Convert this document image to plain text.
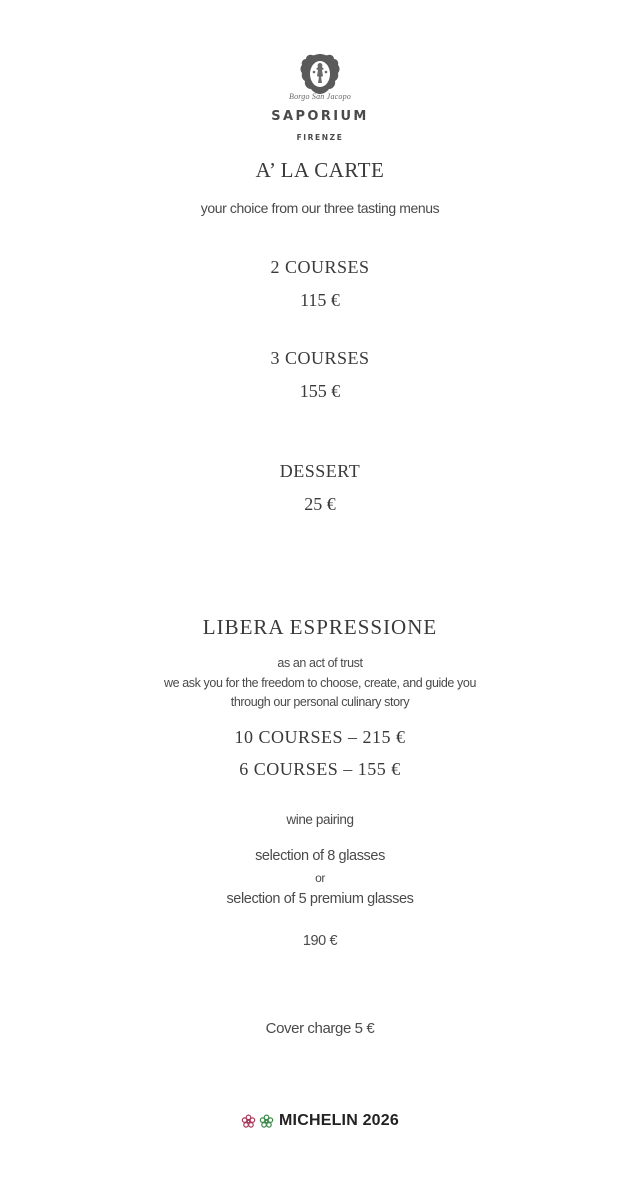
Borgo San Jacopo
SAPORIUM
FIRENZE
A’ LA CARTE
your choice from our three tasting menus
2 COURSES
115 €
3 COURSES
155 €
DESSERT
25 €
LIBERA ESPRESSIONE
as an act of trust
we ask you for the freedom to choose, create, and guide you
through our personal culinary story
10 COURSES – 215 €
6 COURSES – 155 €
wine pairing
selection of 8 glasses
or
selection of 5 premium glasses
190 €
Cover charge 5 €
MICHELIN 2026
